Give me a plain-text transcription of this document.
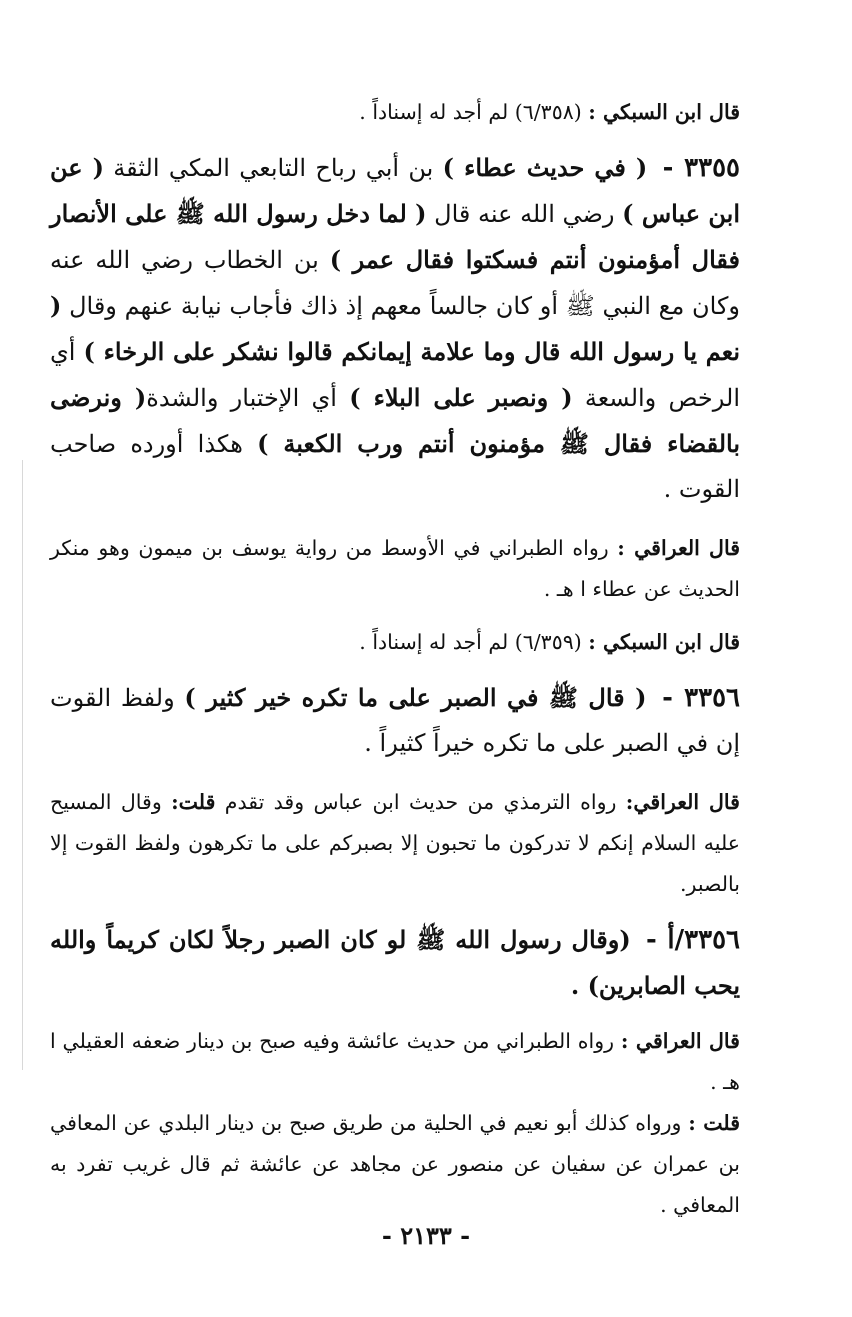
قال ابن السبكي : (٦/٣٥٨) لم أجد له إسناداً .

٣٣٥٥ - ( في حديث عطاء ) بن أبي رباح التابعي المكي الثقة ( عن ابن عباس ) رضي الله عنه قال ( لما دخل رسول الله ﷺ على الأنصار فقال أمؤمنون أنتم فسكتوا فقال عمر ) بن الخطاب رضي الله عنه وكان مع النبي ﷺ أو كان جالساً معهم إذ ذاك فأجاب نيابة عنهم وقال ( نعم يا رسول الله قال وما علامة إيمانكم قالوا نشكر على الرخاء ) أي الرخص والسعة ( ونصبر على البلاء ) أي الإختبار والشدة( ونرضى بالقضاء فقال ﷺ مؤمنون أنتم ورب الكعبة ) هكذا أورده صاحب القوت .

قال العراقي : رواه الطبراني في الأوسط من رواية يوسف بن ميمون وهو منكر الحديث عن عطاء ا هـ .

قال ابن السبكي : (٦/٣٥٩) لم أجد له إسناداً .

٣٣٥٦ - ( قال ﷺ في الصبر على ما تكره خير كثير ) ولفظ القوت إن في الصبر على ما تكره خيراً كثيراً .

قال العراقي: رواه الترمذي من حديث ابن عباس وقد تقدم قلت: وقال المسيح عليه السلام إنكم لا تدركون ما تحبون إلا بصبركم على ما تكرهون ولفظ القوت إلا بالصبر.

٣٣٥٦/أ - (وقال رسول الله ﷺ لو كان الصبر رجلاً لكان كريماً والله يحب الصابرين) .

قال العراقي : رواه الطبراني من حديث عائشة وفيه صبح بن دينار ضعفه العقيلي ا هـ .

قلت : ورواه كذلك أبو نعيم في الحلية من طريق صبح بن دينار البلدي عن المعافي بن عمران عن سفيان عن منصور عن مجاهد عن عائشة ثم قال غريب تفرد به المعافي .

- ٢١٣٣ -
